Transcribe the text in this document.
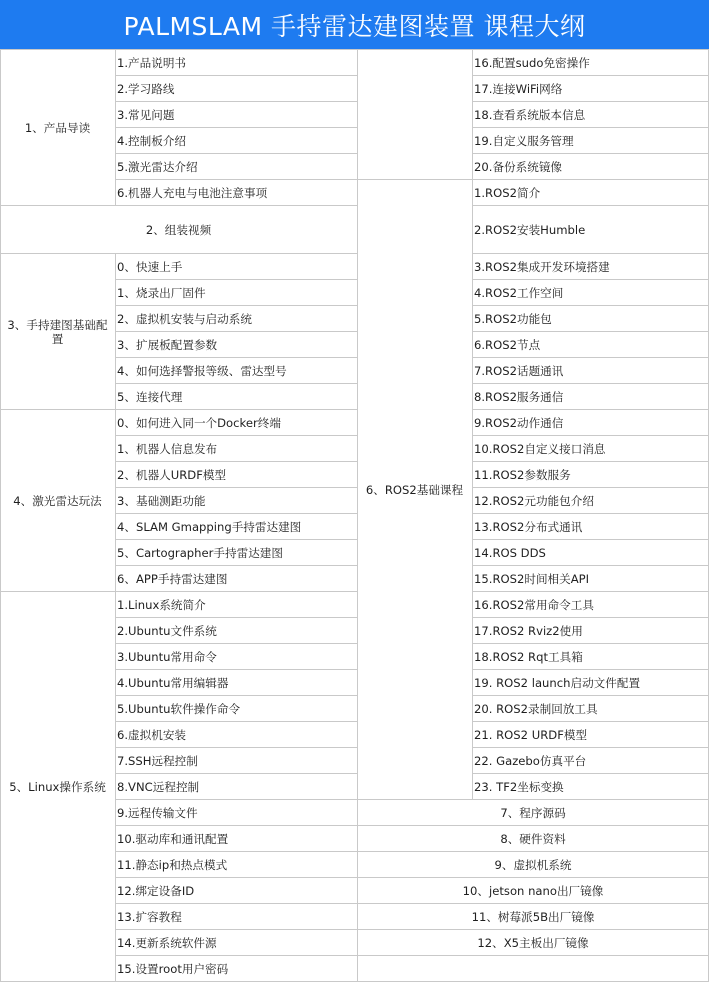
PALMSLAM 手持雷达建图装置 课程大纲
1、产品导读
1.产品说明书
2.学习路线
3.常见问题
4.控制板介绍
5.激光雷达介绍
6.机器人充电与电池注意事项
2、组装视频
3、手持建图基础配置
0、快速上手
1、烧录出厂固件
2、虚拟机安装与启动系统
3、扩展板配置参数
4、如何选择警报等级、雷达型号
5、连接代理
4、激光雷达玩法
0、如何进入同一个Docker终端
1、机器人信息发布
2、机器人URDF模型
3、基础测距功能
4、SLAM Gmapping手持雷达建图
5、Cartographer手持雷达建图
6、APP手持雷达建图
5、Linux操作系统
1.Linux系统简介
2.Ubuntu文件系统
3.Ubuntu常用命令
4.Ubuntu常用编辑器
5.Ubuntu软件操作命令
6.虚拟机安装
7.SSH远程控制
8.VNC远程控制
9.远程传输文件
10.驱动库和通讯配置
11.静态ip和热点模式
12.绑定设备ID
13.扩容教程
14.更新系统软件源
15.设置root用户密码
16.配置sudo免密操作
17.连接WiFi网络
18.查看系统版本信息
19.自定义服务管理
20.备份系统镜像
6、ROS2基础课程
1.ROS2简介
2.ROS2安装Humble
3.ROS2集成开发环境搭建
4.ROS2工作空间
5.ROS2功能包
6.ROS2节点
7.ROS2话题通讯
8.ROS2服务通信
9.ROS2动作通信
10.ROS2自定义接口消息
11.ROS2参数服务
12.ROS2元功能包介绍
13.ROS2分布式通讯
14.ROS DDS
15.ROS2时间相关API
16.ROS2常用命令工具
17.ROS2 Rviz2使用
18.ROS2 Rqt工具箱
19. ROS2 launch启动文件配置
20. ROS2录制回放工具
21. ROS2 URDF模型
22. Gazebo仿真平台
23. TF2坐标变换
7、程序源码
8、硬件资料
9、虚拟机系统
10、jetson nano出厂镜像
11、树莓派5B出厂镜像
12、X5主板出厂镜像
